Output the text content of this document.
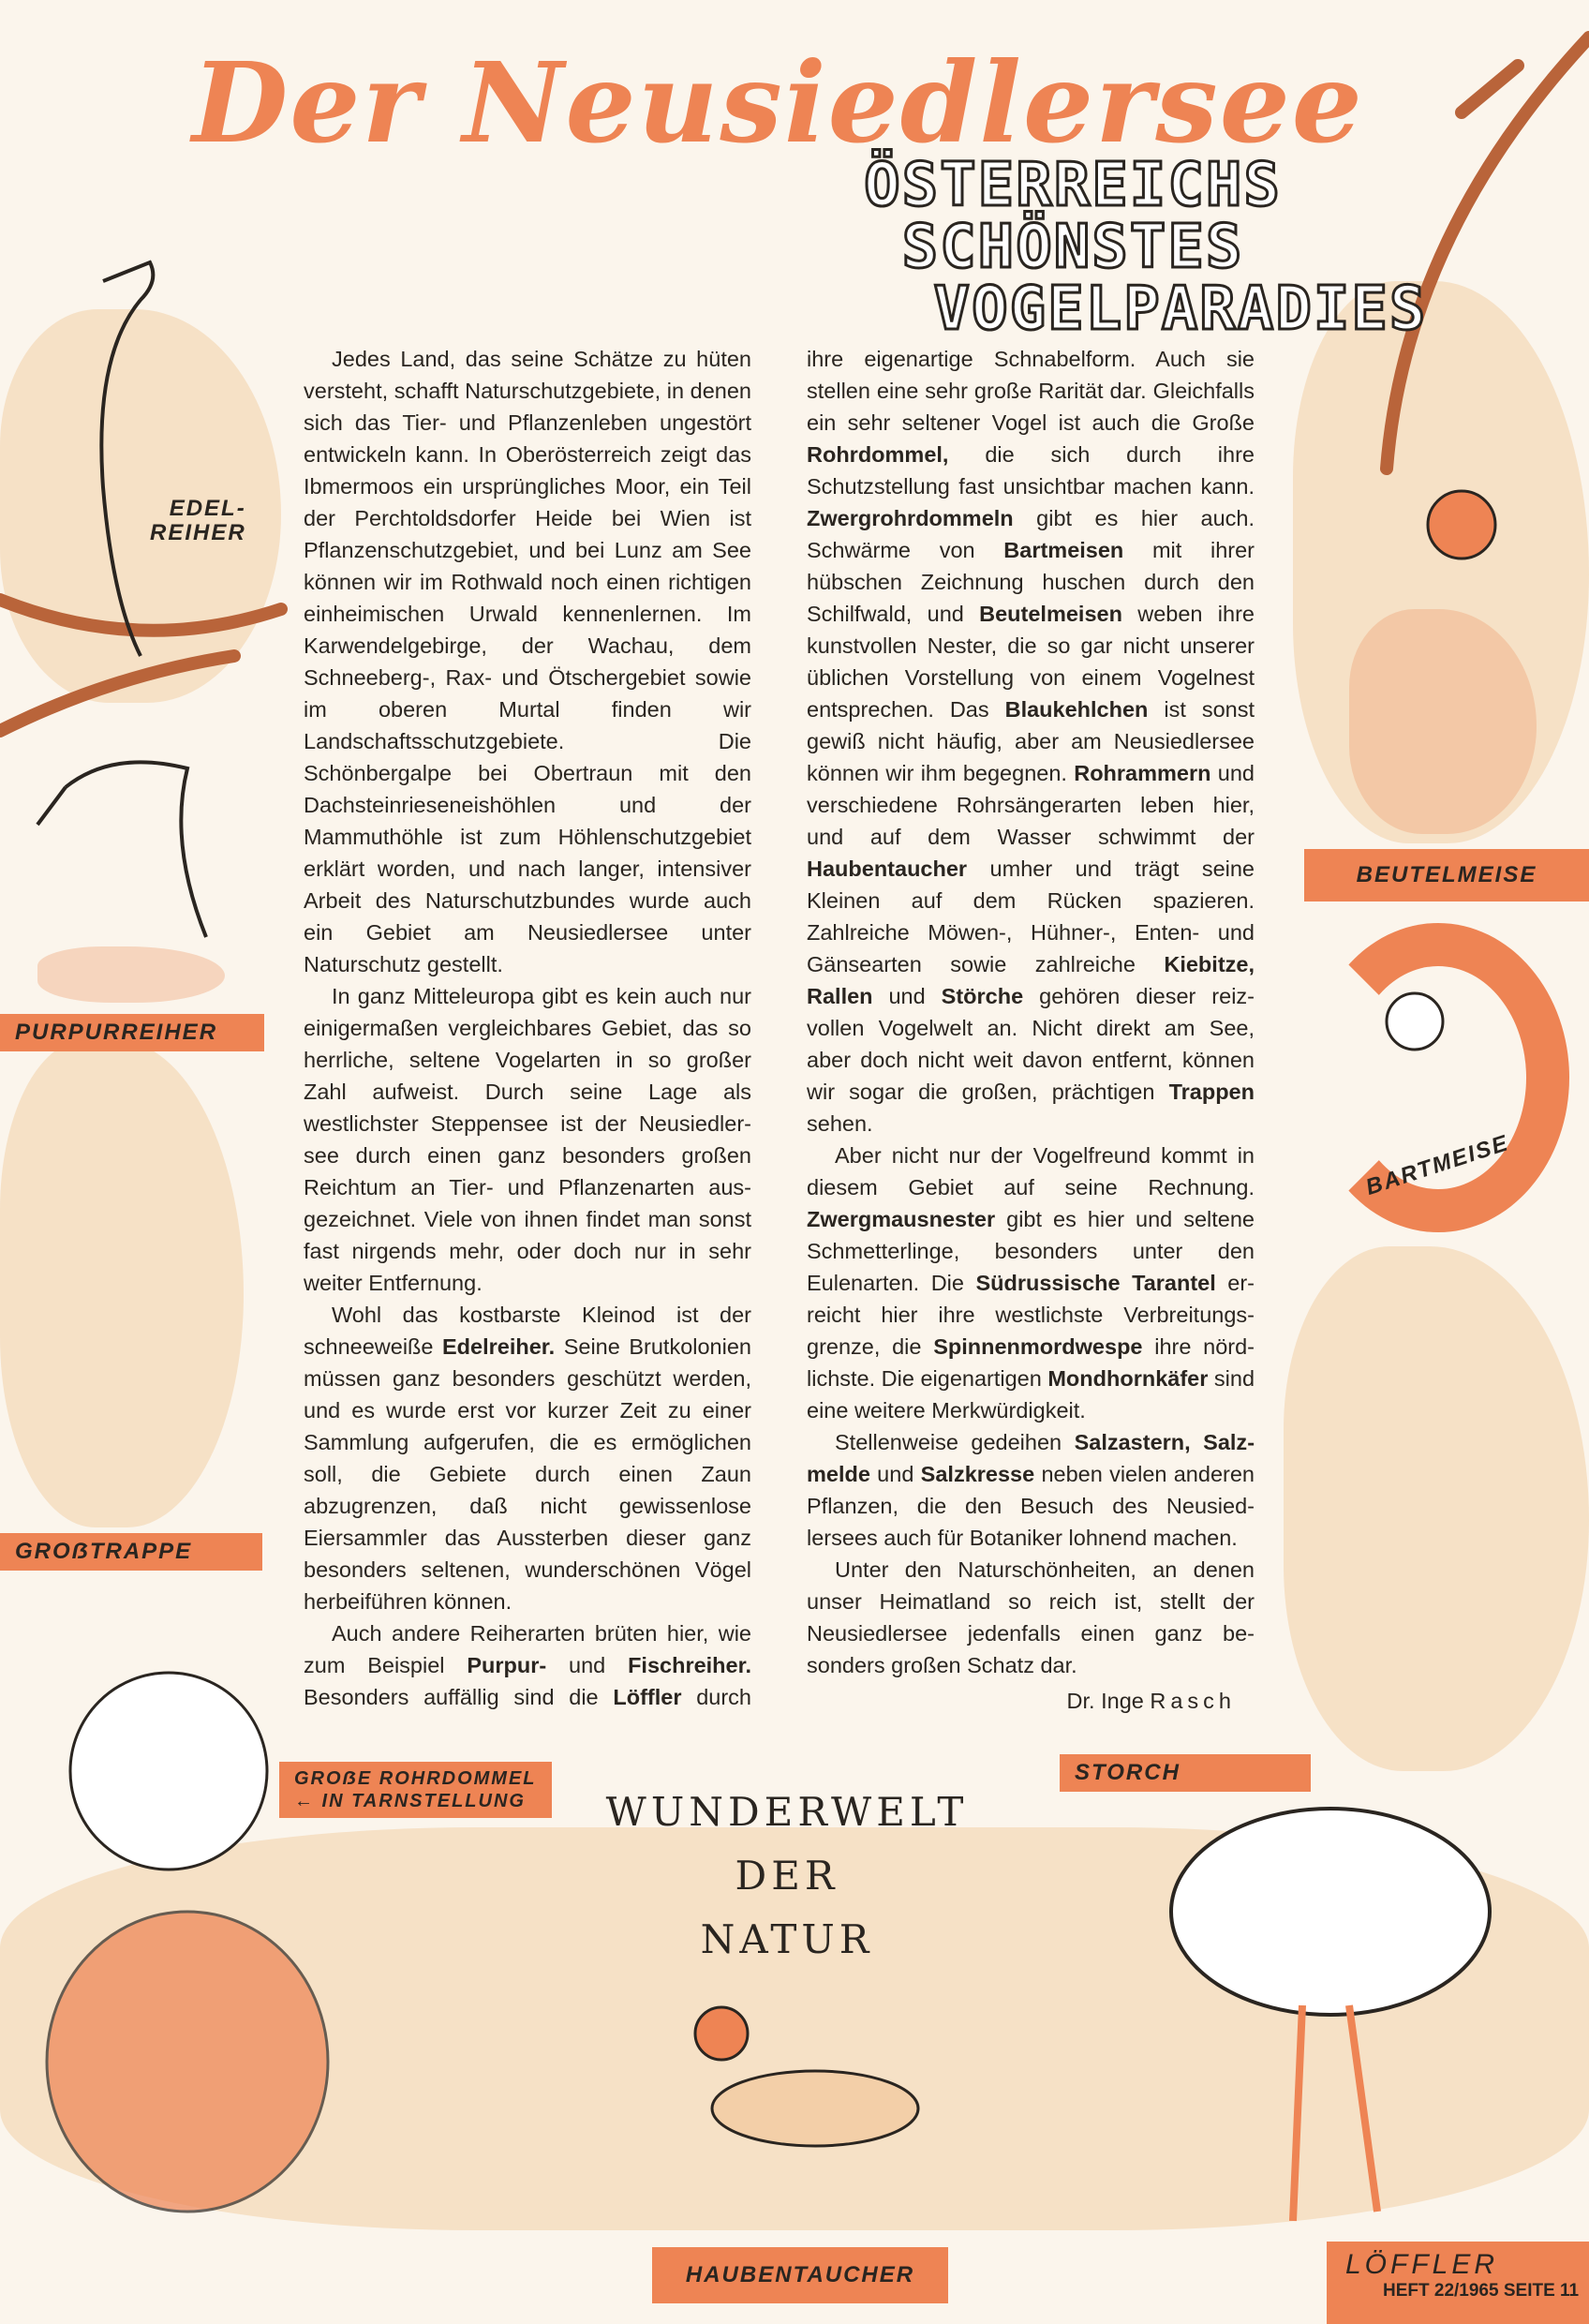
Der Neusiedlersee
ÖSTERREICHS SCHÖNSTES
VOGELPARADIES

Jedes Land, das seine Schätze zu hüten versteht, schafft Naturschutzgebiete, in denen sich das Tier- und Pflanzenleben ungestört entwickeln kann. In Oberösterreich zeigt das Ibmermoos ein ursprüngliches Moor, ein Teil der Perchtoldsdorfer Heide bei Wien ist Pflanzenschutzgebiet, und bei Lunz am See können wir im Rothwald noch einen richtigen einheimischen Urwald kennenlernen. Im Karwendelgebirge, der Wachau, dem Schneeberg-, Rax- und Ötschergebiet sowie im oberen Murtal finden wir Landschaftsschutzgebiete. Die Schönbergalpe bei Obertraun mit den Dachsteinrieseneishöhlen und der Mammuthöhle ist zum Höhlenschutzgebiet erklärt worden, und nach langer, intensiver Arbeit des Naturschutzbundes wurde auch ein Gebiet am Neusiedlersee unter Naturschutz gestellt.

In ganz Mitteleuropa gibt es kein auch nur einigermaßen vergleichbares Gebiet, das so herrliche, seltene Vogelarten in so großer Zahl aufweist. Durch seine Lage als westlichster Steppensee ist der Neusiedlersee durch einen ganz besonders großen Reichtum an Tier- und Pflanzenarten ausgezeichnet. Viele von ihnen findet man sonst fast nirgends mehr, oder doch nur in sehr weiter Entfernung.

Wohl das kostbarste Kleinod ist der schneeweiße Edelreiher. Seine Brutkolonien müssen ganz besonders geschützt werden, und es wurde erst vor kurzer Zeit zu einer Sammlung aufgerufen, die es ermöglichen soll, die Gebiete durch einen Zaun abzugrenzen, daß nicht gewissenlose Eiersammler das Aussterben dieser ganz besonders seltenen, wunderschönen Vögel herbeiführen können.

Auch andere Reiherarten brüten hier, wie zum Beispiel Purpur- und Fischreiher. Besonders auffällig sind die Löffler durch

ihre eigenartige Schnabelform. Auch sie stellen eine sehr große Rarität dar. Gleichfalls ein sehr seltener Vogel ist auch die Große Rohrdommel, die sich durch ihre Schutzstellung fast unsichtbar machen kann. Zwergrohrdommeln gibt es hier auch. Schwärme von Bartmeisen mit ihrer hübschen Zeichnung huschen durch den Schilfwald, und Beutelmeisen weben ihre kunstvollen Nester, die so gar nicht unserer üblichen Vorstellung von einem Vogelnest entsprechen. Das Blaukehlchen ist sonst gewiß nicht häufig, aber am Neusiedlersee können wir ihm begegnen. Rohrammern und verschiedene Rohrsängerarten leben hier, und auf dem Wasser schwimmt der Haubentaucher umher und trägt seine Kleinen auf dem Rücken spazieren. Zahlreiche Möwen-, Hühner-, Enten- und Gänsearten sowie zahlreiche Kiebitze, Rallen und Störche gehören dieser reizvollen Vogelwelt an. Nicht direkt am See, aber doch nicht weit davon entfernt, können wir sogar die großen, prächtigen Trappen sehen.

Aber nicht nur der Vogelfreund kommt in diesem Gebiet auf seine Rechnung. Zwergmausnester gibt es hier und seltene Schmetterlinge, besonders unter den Eulenarten. Die Südrussische Tarantel erreicht hier ihre westlichste Verbreitungsgrenze, die Spinnenmordwespe ihre nördlichste. Die eigenartigen Mondhornkäfer sind eine weitere Merkwürdigkeit.

Stellenweise gedeihen Salzastern, Salzmelde und Salzkresse neben vielen anderen Pflanzen, die den Besuch des Neusiedlersees auch für Botaniker lohnend machen.

Unter den Naturschönheiten, an denen unser Heimatland so reich ist, stellt der Neusiedlersee jedenfalls einen ganz besonders großen Schatz dar.

Dr. Inge Rasch
EDEL-
REIHER
PURPURREIHER
GROẞTRAPPE
GROẞE ROHRDOMMEL
← IN TARNSTELLUNG
STORCH
BEUTELMEISE
BARTMEISE
HAUBENTAUCHER
WUNDERWELT
DER
NATUR
LÖFFLER
HEFT 22/1965 SEITE 11
